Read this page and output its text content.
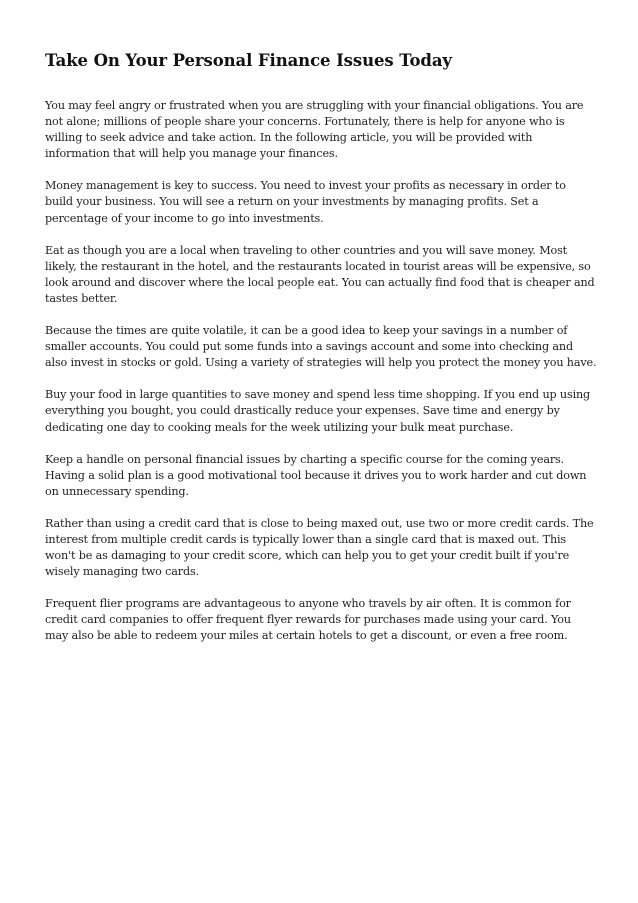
Take On Your Personal Finance Issues Today

You may feel angry or frustrated when you are struggling with your financial obligations. You are not alone; millions of people share your concerns. Fortunately, there is help for anyone who is willing to seek advice and take action. In the following article, you will be provided with information that will help you manage your finances.

Money management is key to success. You need to invest your profits as necessary in order to build your business. You will see a return on your investments by managing profits. Set a percentage of your income to go into investments.

Eat as though you are a local when traveling to other countries and you will save money. Most likely, the restaurant in the hotel, and the restaurants located in tourist areas will be expensive, so look around and discover where the local people eat. You can actually find food that is cheaper and tastes better.

Because the times are quite volatile, it can be a good idea to keep your savings in a number of smaller accounts. You could put some funds into a savings account and some into checking and also invest in stocks or gold. Using a variety of strategies will help you protect the money you have.

Buy your food in large quantities to save money and spend less time shopping. If you end up using everything you bought, you could drastically reduce your expenses. Save time and energy by dedicating one day to cooking meals for the week utilizing your bulk meat purchase.

Keep a handle on personal financial issues by charting a specific course for the coming years. Having a solid plan is a good motivational tool because it drives you to work harder and cut down on unnecessary spending.

Rather than using a credit card that is close to being maxed out, use two or more credit cards. The interest from multiple credit cards is typically lower than a single card that is maxed out. This won't be as damaging to your credit score, which can help you to get your credit built if you're wisely managing two cards.

Frequent flier programs are advantageous to anyone who travels by air often. It is common for credit card companies to offer frequent flyer rewards for purchases made using your card. You may also be able to redeem your miles at certain hotels to get a discount, or even a free room.
